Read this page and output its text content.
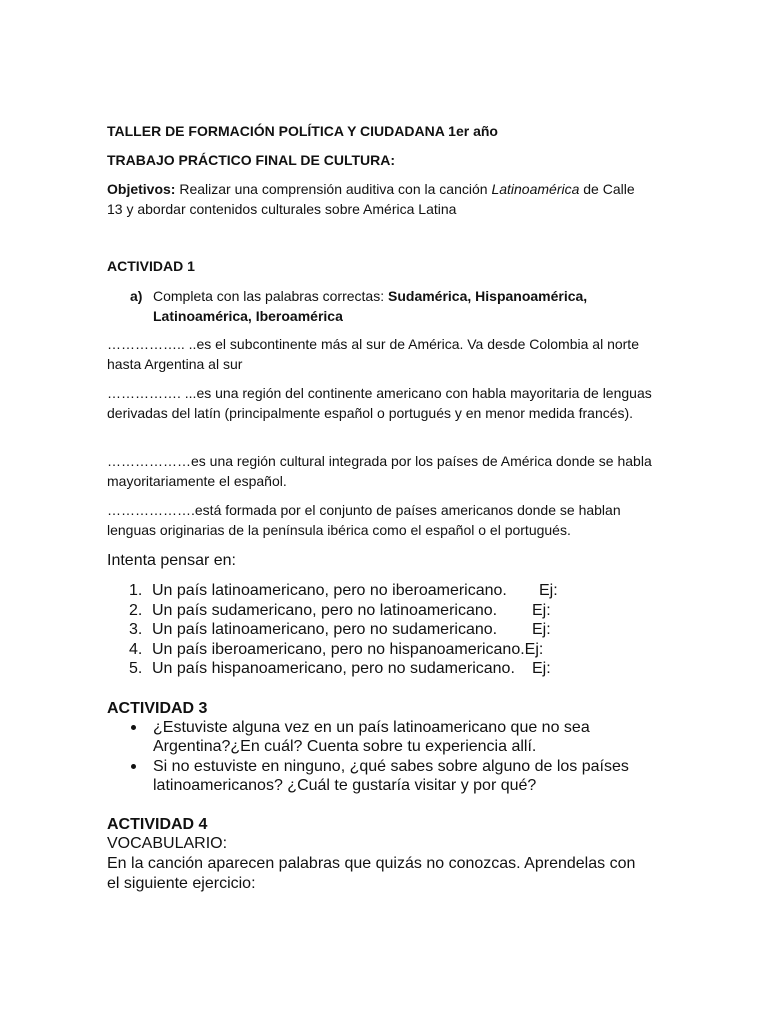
TALLER DE FORMACIÓN POLÍTICA Y CIUDADANA 1er año
TRABAJO PRÁCTICO FINAL DE CULTURA:
Objetivos: Realizar una comprensión auditiva con la canción Latinoamérica de Calle 13 y abordar contenidos culturales sobre América Latina
ACTIVIDAD 1
a) Completa con las palabras correctas: Sudamérica, Hispanoamérica, Latinoamérica, Iberoamérica
…………….. ..es el subcontinente más al sur de América. Va desde Colombia al norte hasta Argentina al sur
……………. ...es una región del continente americano con habla mayoritaria de lenguas derivadas del latín (principalmente español o portugués y en menor medida francés).
………………es una región cultural integrada por los países de América donde se habla mayoritariamente el español.
……………….está formada por el conjunto de países americanos donde se hablan lenguas originarias de la península ibérica como el español o el portugués.
Intenta pensar en:
1. Un país latinoamericano, pero no iberoamericano. Ej:
2. Un país sudamericano, pero no latinoamericano. Ej:
3. Un país latinoamericano, pero no sudamericano. Ej:
4. Un país iberoamericano, pero no hispanoamericano.Ej:
5. Un país hispanoamericano, pero no sudamericano. Ej:
ACTIVIDAD 3
¿Estuviste alguna vez en un país latinoamericano que no sea Argentina?¿En cuál? Cuenta sobre tu experiencia allí.
Si no estuviste en ninguno, ¿qué sabes sobre alguno de los países latinoamericanos? ¿Cuál te gustaría visitar y por qué?
ACTIVIDAD 4
VOCABULARIO:
En la canción aparecen palabras que quizás no conozcas. Aprendelas con el siguiente ejercicio:
